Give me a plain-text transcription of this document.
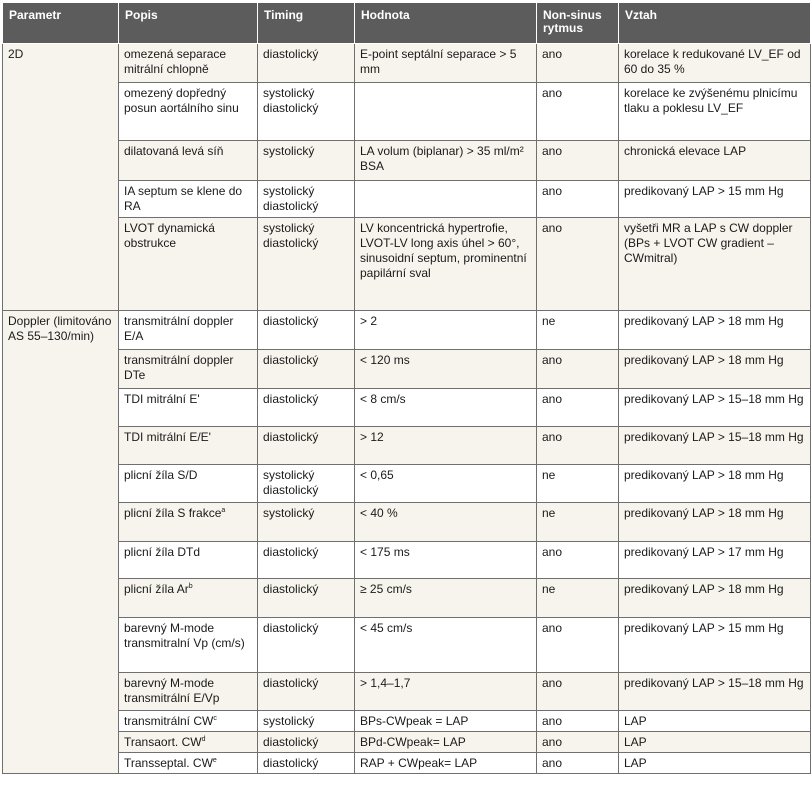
Parametr	Popis	Timing	Hodnota	Non-sinus rytmus	Vztah
2D	omezená separace mitrální chlopně	diastolický	E-point septální separace > 5 mm	ano	korelace k redukované LV_EF od 60 do 35 %
	omezený dopředný posun aortálního sinu	systolický diastolický		ano	korelace ke zvýšenému plnicímu tlaku a poklesu LV_EF
	dilatovaná levá síň	systolický	LA volum (biplanar) > 35 ml/m² BSA	ano	chronická elevace LAP
	IA septum se klene do RA	systolický diastolický		ano	predikovaný LAP > 15 mm Hg
	LVOT dynamická obstrukce	systolický diastolický	LV koncentrická hypertrofie, LVOT-LV long axis úhel > 60°, sinusoidní septum, prominentní papilární sval	ano	vyšetři MR a LAP s CW doppler (BPs + LVOT CW gradient – CWmitral)
Doppler (limitováno AS 55–130/min)	transmitrální doppler E/A	diastolický	> 2	ne	predikovaný LAP > 18 mm Hg
	transmitrální doppler DTe	diastolický	< 120 ms	ano	predikovaný LAP > 18 mm Hg
	TDI mitrální E'	diastolický	< 8 cm/s	ano	predikovaný LAP > 15–18 mm Hg
	TDI mitrální E/E'	diastolický	> 12	ano	predikovaný LAP > 15–18 mm Hg
	plicní žíla S/D	systolický diastolický	< 0,65	ne	predikovaný LAP > 18 mm Hg
	plicní žíla S frakce$^a$	systolický	< 40 %	ne	predikovaný LAP > 18 mm Hg
	plicní žíla DTd	diastolický	< 175 ms	ano	predikovaný LAP > 17 mm Hg
	plicní žíla Ar$^b$	diastolický	≥ 25 cm/s	ne	predikovaný LAP > 18 mm Hg
	barevný M-mode transmitralní Vp (cm/s)	diastolický	< 45 cm/s	ano	predikovaný LAP > 15 mm Hg
	barevný M-mode transmitrální E/Vp	diastolický	> 1,4–1,7	ano	predikovaný LAP > 15–18 mm Hg
	transmitrální $CW^c$	systolický	BPs-CWpeak = LAP	ano	LAP
	Transaort. $CW^d$	diastolický	BPd-CWpeak= LAP	ano	LAP
	Transseptal. $CW^e$	diastolický	RAP + CWpeak= LAP	ano	LAP
